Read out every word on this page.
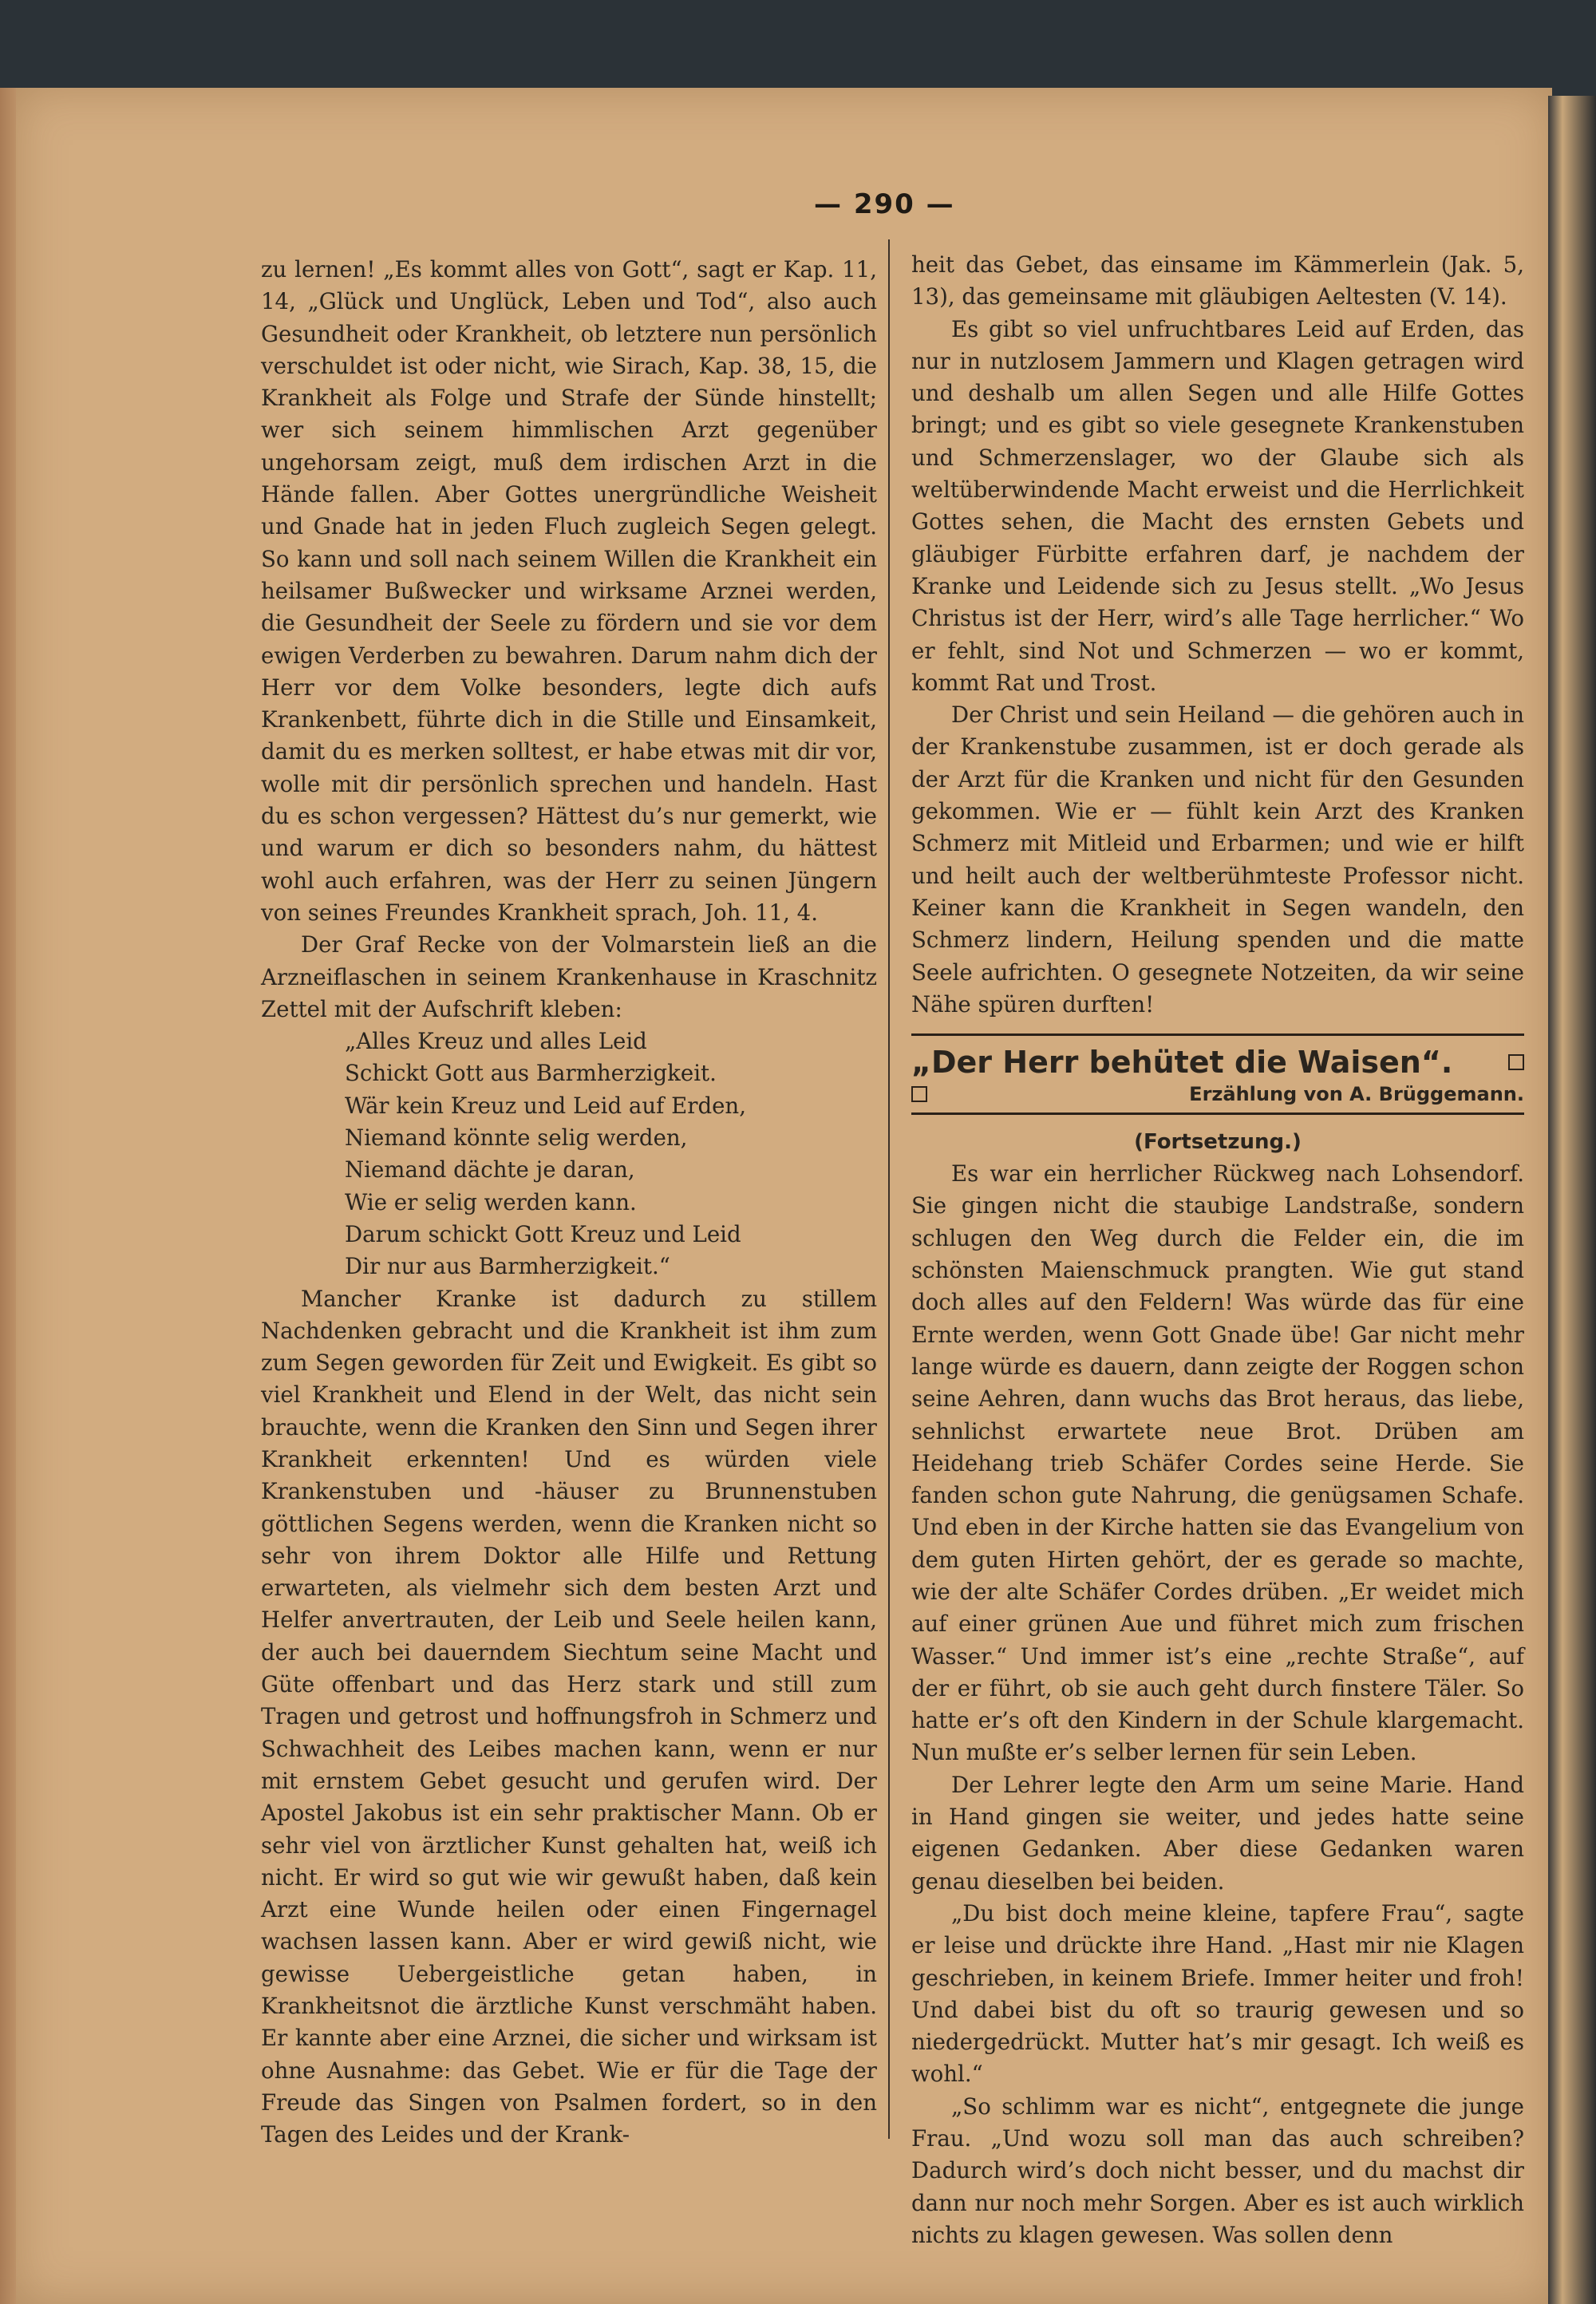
— 290 —

zu lernen! „Es kommt alles von Gott“, sagt er Kap. 11, 14, „Glück und Unglück, Leben und Tod“, also auch Gesundheit oder Krankheit, ob letztere nun persönlich verschuldet ist oder nicht, wie Sirach, Kap. 38, 15, die Krankheit als Folge und Strafe der Sünde hinstellt; wer sich seinem himmlischen Arzt gegenüber ungehorsam zeigt, muß dem irdischen Arzt in die Hände fallen. Aber Gottes unergründliche Weisheit und Gnade hat in jeden Fluch zugleich Segen gelegt. So kann und soll nach seinem Willen die Krankheit ein heilsamer Bußwecker und wirksame Arznei werden, die Gesundheit der Seele zu fördern und sie vor dem ewigen Verderben zu bewahren. Darum nahm dich der Herr vor dem Volke besonders, legte dich aufs Krankenbett, führte dich in die Stille und Einsamkeit, damit du es merken solltest, er habe etwas mit dir vor, wolle mit dir persönlich sprechen und handeln. Hast du es schon vergessen? Hättest du’s nur gemerkt, wie und warum er dich so besonders nahm, du hättest wohl auch erfahren, was der Herr zu seinen Jüngern von seines Freundes Krankheit sprach, Joh. 11, 4.

Der Graf Recke von der Volmarstein ließ an die Arzneiflaschen in seinem Krankenhause in Kraschnitz Zettel mit der Aufschrift kleben:

„Alles Kreuz und alles Leid
Schickt Gott aus Barmherzigkeit.
Wär kein Kreuz und Leid auf Erden,
Niemand könnte selig werden,
Niemand dächte je daran,
Wie er selig werden kann.
Darum schickt Gott Kreuz und Leid
Dir nur aus Barmherzigkeit.“

Mancher Kranke ist dadurch zu stillem Nachdenken gebracht und die Krankheit ist ihm zum zum Segen geworden für Zeit und Ewigkeit. Es gibt so viel Krankheit und Elend in der Welt, das nicht sein brauchte, wenn die Kranken den Sinn und Segen ihrer Krankheit erkennten! Und es würden viele Krankenstuben und -häuser zu Brunnenstuben göttlichen Segens werden, wenn die Kranken nicht so sehr von ihrem Doktor alle Hilfe und Rettung erwarteten, als vielmehr sich dem besten Arzt und Helfer anvertrauten, der Leib und Seele heilen kann, der auch bei dauerndem Siechtum seine Macht und Güte offenbart und das Herz stark und still zum Tragen und getrost und hoffnungsfroh in Schmerz und Schwachheit des Leibes machen kann, wenn er nur mit ernstem Gebet gesucht und gerufen wird. Der Apostel Jakobus ist ein sehr praktischer Mann. Ob er sehr viel von ärztlicher Kunst gehalten hat, weiß ich nicht. Er wird so gut wie wir gewußt haben, daß kein Arzt eine Wunde heilen oder einen Fingernagel wachsen lassen kann. Aber er wird gewiß nicht, wie gewisse Uebergeistliche getan haben, in Krankheitsnot die ärztliche Kunst verschmäht haben. Er kannte aber eine Arznei, die sicher und wirksam ist ohne Ausnahme: das Gebet. Wie er für die Tage der Freude das Singen von Psalmen fordert, so in den Tagen des Leides und der Krank-

heit das Gebet, das einsame im Kämmerlein (Jak. 5, 13), das gemeinsame mit gläubigen Aeltesten (V. 14).

Es gibt so viel unfruchtbares Leid auf Erden, das nur in nutzlosem Jammern und Klagen getragen wird und deshalb um allen Segen und alle Hilfe Gottes bringt; und es gibt so viele gesegnete Krankenstuben und Schmerzenslager, wo der Glaube sich als weltüberwindende Macht erweist und die Herrlichkeit Gottes sehen, die Macht des ernsten Gebets und gläubiger Fürbitte erfahren darf, je nachdem der Kranke und Leidende sich zu Jesus stellt. „Wo Jesus Christus ist der Herr, wird’s alle Tage herrlicher.“ Wo er fehlt, sind Not und Schmerzen — wo er kommt, kommt Rat und Trost.

Der Christ und sein Heiland — die gehören auch in der Krankenstube zusammen, ist er doch gerade als der Arzt für die Kranken und nicht für den Gesunden gekommen. Wie er — fühlt kein Arzt des Kranken Schmerz mit Mitleid und Erbarmen; und wie er hilft und heilt auch der weltberühmteste Professor nicht. Keiner kann die Krankheit in Segen wandeln, den Schmerz lindern, Heilung spenden und die matte Seele aufrichten. O gesegnete Notzeiten, da wir seine Nähe spüren durften!

„Der Herr behütet die Waisen“.
Erzählung von A. Brüggemann.
(Fortsetzung.)

Es war ein herrlicher Rückweg nach Lohsendorf. Sie gingen nicht die staubige Landstraße, sondern schlugen den Weg durch die Felder ein, die im schönsten Maienschmuck prangten. Wie gut stand doch alles auf den Feldern! Was würde das für eine Ernte werden, wenn Gott Gnade übe! Gar nicht mehr lange würde es dauern, dann zeigte der Roggen schon seine Aehren, dann wuchs das Brot heraus, das liebe, sehnlichst erwartete neue Brot. Drüben am Heidehang trieb Schäfer Cordes seine Herde. Sie fanden schon gute Nahrung, die genügsamen Schafe. Und eben in der Kirche hatten sie das Evangelium von dem guten Hirten gehört, der es gerade so machte, wie der alte Schäfer Cordes drüben. „Er weidet mich auf einer grünen Aue und führet mich zum frischen Wasser.“ Und immer ist’s eine „rechte Straße“, auf der er führt, ob sie auch geht durch finstere Täler. So hatte er’s oft den Kindern in der Schule klargemacht. Nun mußte er’s selber lernen für sein Leben.

Der Lehrer legte den Arm um seine Marie. Hand in Hand gingen sie weiter, und jedes hatte seine eigenen Gedanken. Aber diese Gedanken waren genau dieselben bei beiden.

„Du bist doch meine kleine, tapfere Frau“, sagte er leise und drückte ihre Hand. „Hast mir nie Klagen geschrieben, in keinem Briefe. Immer heiter und froh! Und dabei bist du oft so traurig gewesen und so niedergedrückt. Mutter hat’s mir gesagt. Ich weiß es wohl.“

„So schlimm war es nicht“, entgegnete die junge Frau. „Und wozu soll man das auch schreiben? Dadurch wird’s doch nicht besser, und du machst dir dann nur noch mehr Sorgen. Aber es ist auch wirklich nichts zu klagen gewesen. Was sollen denn
